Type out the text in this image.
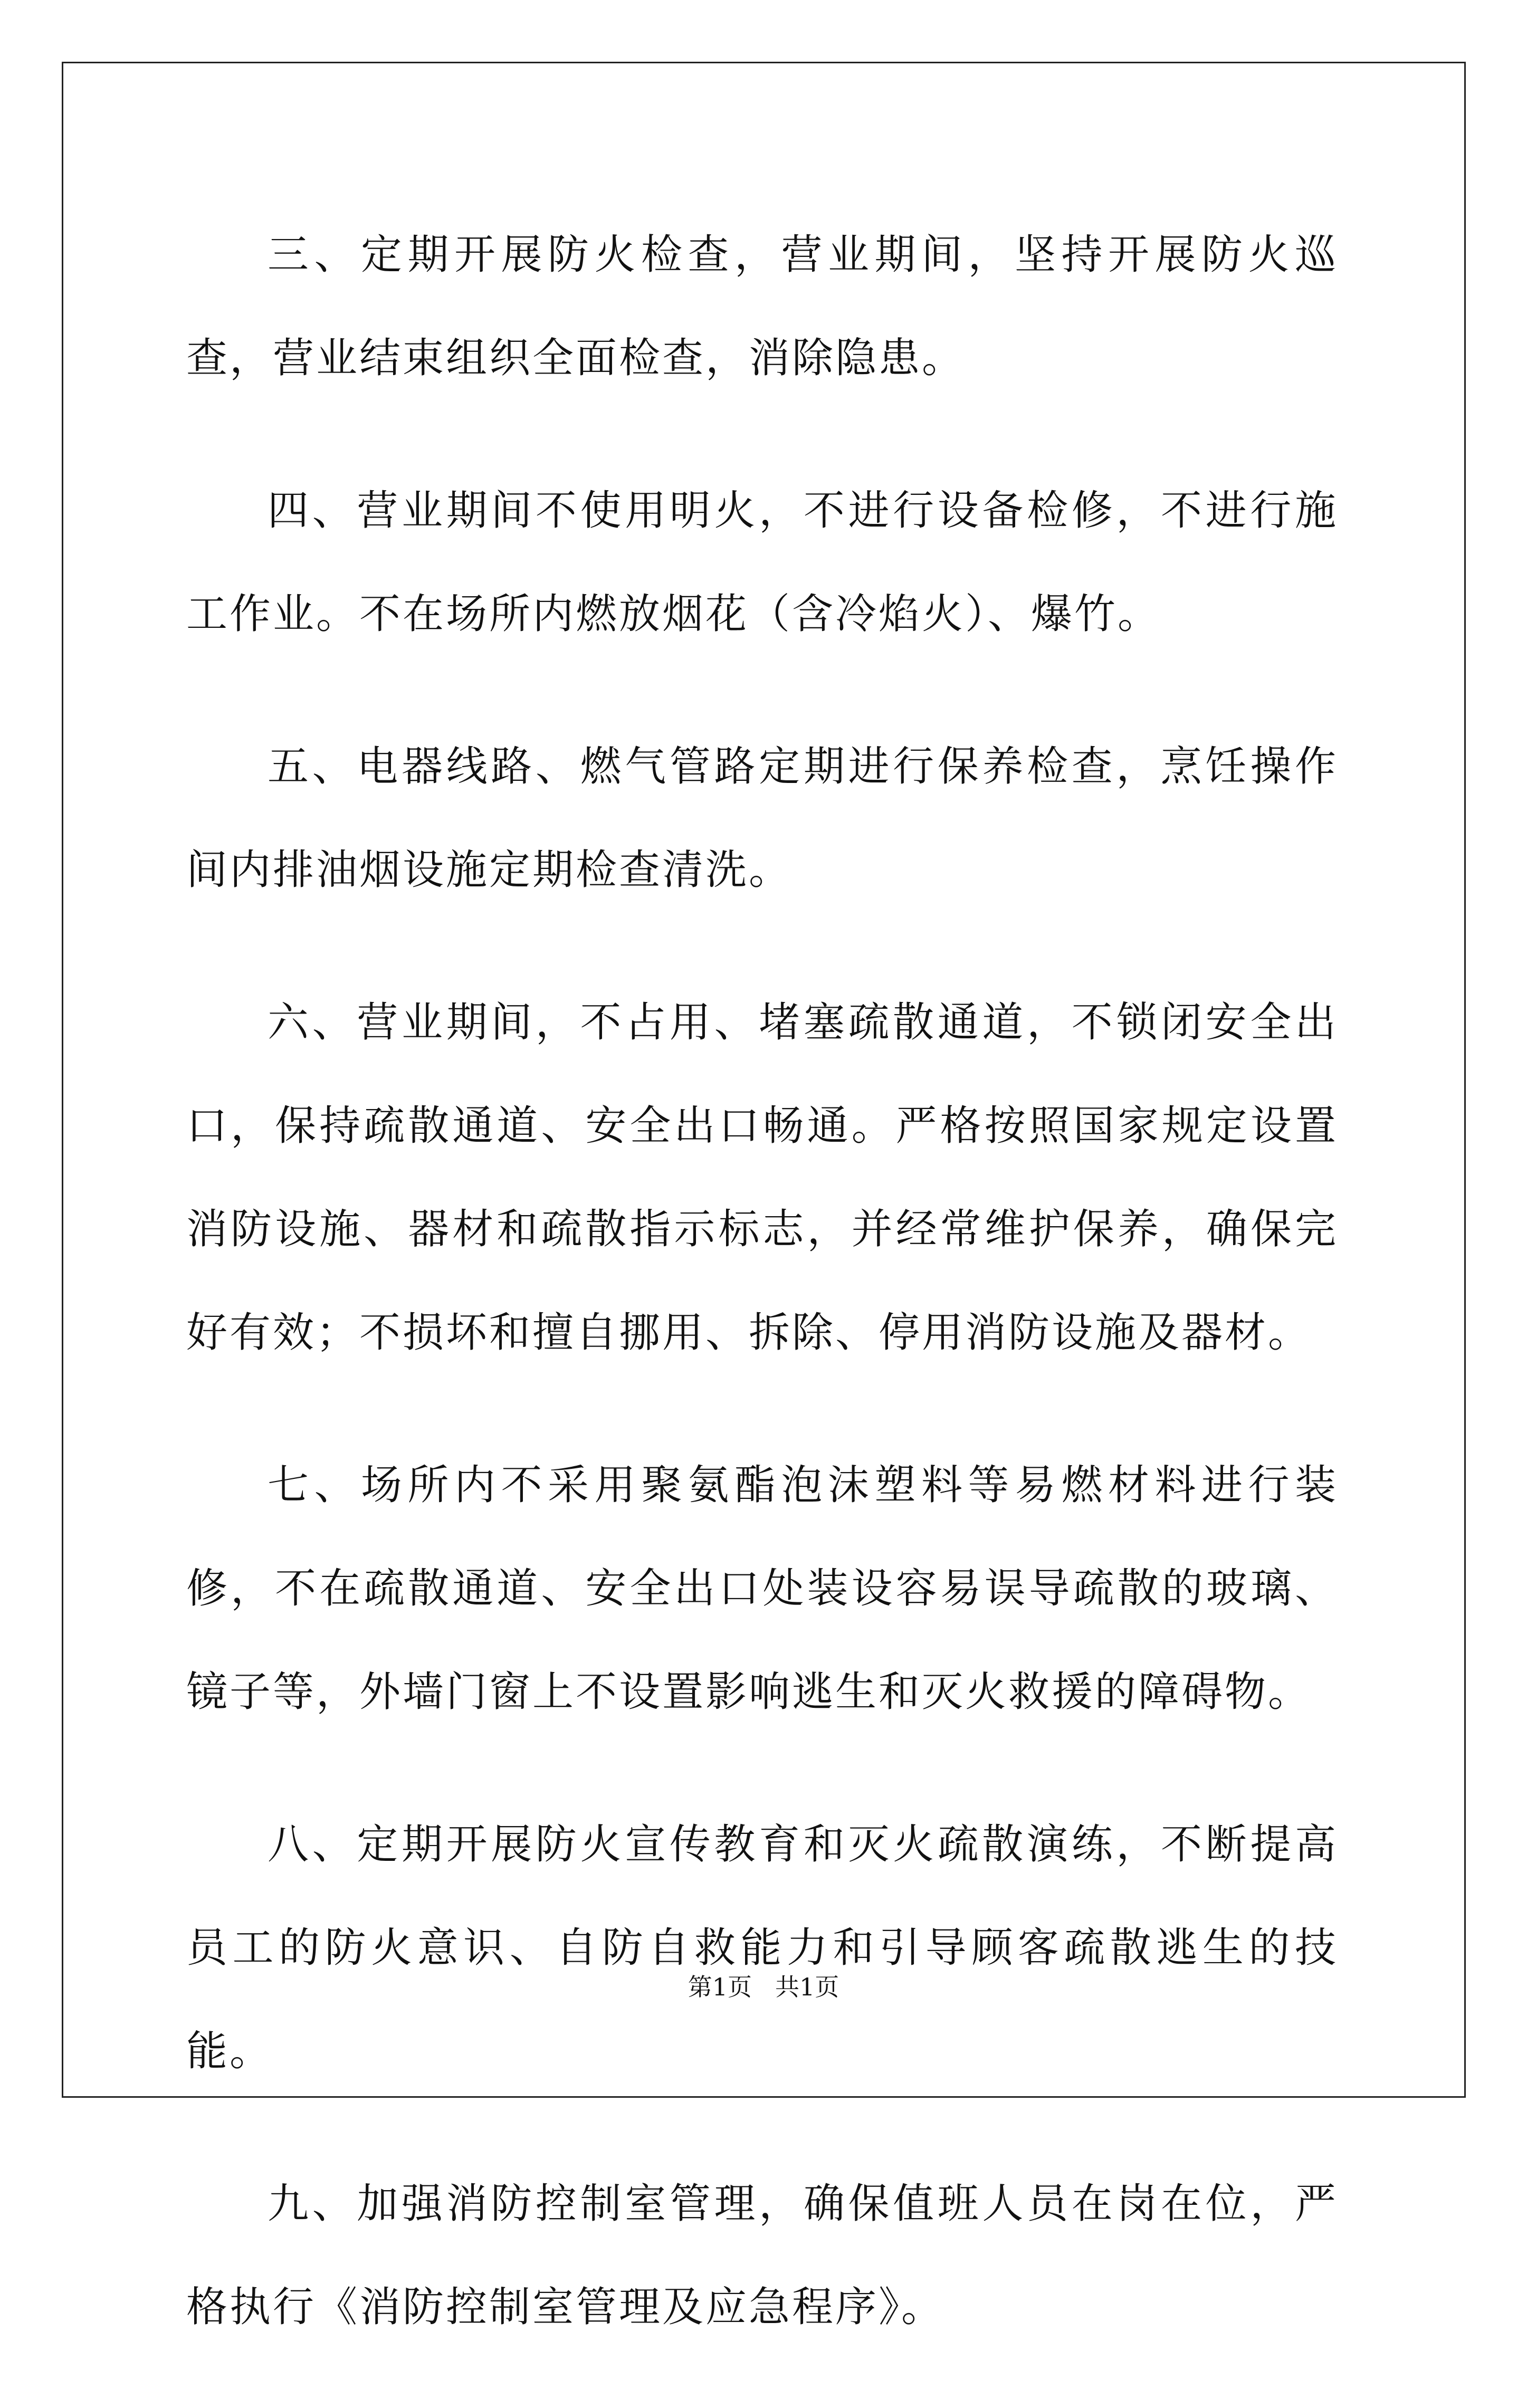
三、定期开展防火检查，营业期间，坚持开展防火巡查，营业结束组织全面检查，消除隐患。

四、营业期间不使用明火，不进行设备检修，不进行施工作业。不在场所内燃放烟花（含冷焰火）、爆竹。

五、电器线路、燃气管路定期进行保养检查，烹饪操作间内排油烟设施定期检查清洗。

六、营业期间，不占用、堵塞疏散通道，不锁闭安全出口，保持疏散通道、安全出口畅通。严格按照国家规定设置消防设施、器材和疏散指示标志，并经常维护保养，确保完好有效；不损坏和擅自挪用、拆除、停用消防设施及器材。

七、场所内不采用聚氨酯泡沫塑料等易燃材料进行装修，不在疏散通道、安全出口处装设容易误导疏散的玻璃、镜子等，外墙门窗上不设置影响逃生和灭火救援的障碍物。

八、定期开展防火宣传教育和灭火疏散演练，不断提高员工的防火意识、自防自救能力和引导顾客疏散逃生的技能。

九、加强消防控制室管理，确保值班人员在岗在位，严格执行《消防控制室管理及应急程序》。

第1页 共1页
